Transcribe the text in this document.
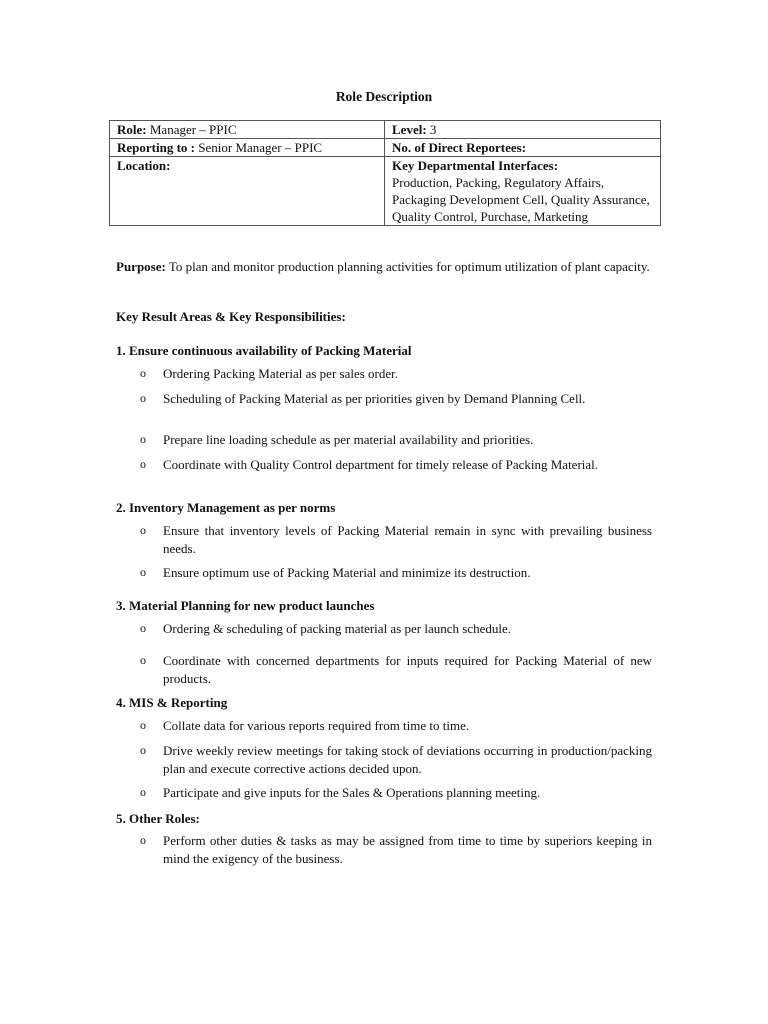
Role Description
Role: Manager – PPIC	Level: 3
Reporting to : Senior Manager – PPIC	No. of Direct Reportees:
Location:	Key Departmental Interfaces:
Production, Packing, Regulatory Affairs, Packaging Development Cell, Quality Assurance, Quality Control, Purchase, Marketing
Purpose: To plan and monitor production planning activities for optimum utilization of plant capacity.
Key Result Areas & Key Responsibilities:
1. Ensure continuous availability of Packing Material
o	Ordering Packing Material as per sales order.
o	Scheduling of Packing Material as per priorities given by Demand Planning Cell.
o	Prepare line loading schedule as per material availability and priorities.
o	Coordinate with Quality Control department for timely release of Packing Material.
2. Inventory Management as per norms
o	Ensure that inventory levels of Packing Material remain in sync with prevailing business needs.
o	Ensure optimum use of Packing Material and minimize its destruction.
3. Material Planning for new product launches
o	Ordering & scheduling of packing material as per launch schedule.
o	Coordinate with concerned departments for inputs required for Packing Material of new products.
4. MIS & Reporting
o	Collate data for various reports required from time to time.
o	Drive weekly review meetings for taking stock of deviations occurring in production/packing plan and execute corrective actions decided upon.
o	Participate and give inputs for the Sales & Operations planning meeting.
5. Other Roles:
o	Perform other duties & tasks as may be assigned from time to time by superiors keeping in mind the exigency of the business.
